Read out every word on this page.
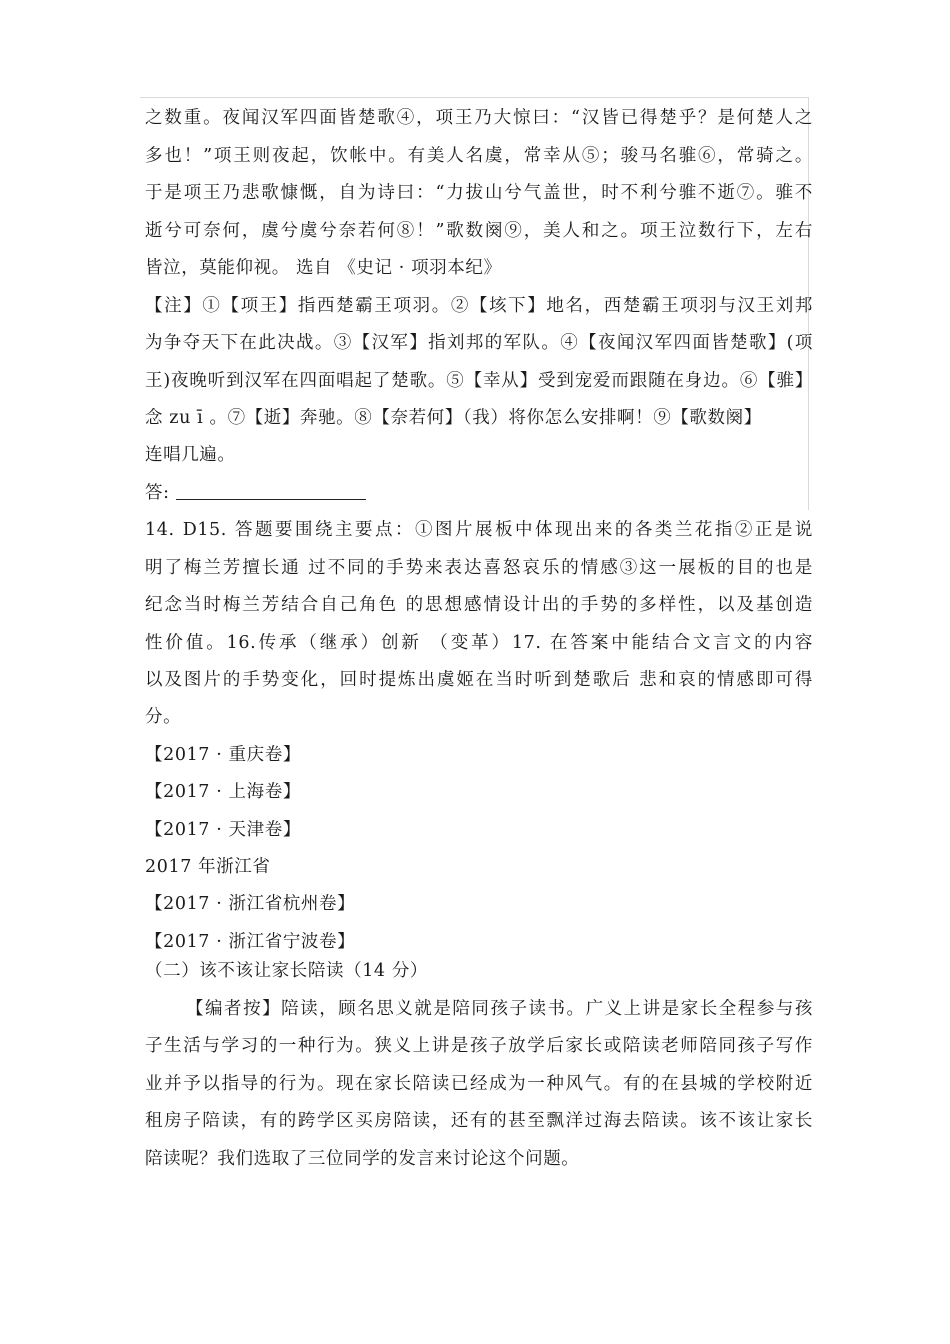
之数重。夜闻汉军四面皆楚歌④，项王乃大惊曰：“汉皆已得楚乎？是何楚人之
多也！”项王则夜起，饮帐中。有美人名虞，常幸从⑤；骏马名骓⑥，常骑之。
于是项王乃悲歌慷慨，自为诗曰：“力拔山兮气盖世，时不利兮骓不逝⑦。骓不
逝兮可奈何，虞兮虞兮奈若何⑧！”歌数阕⑨，美人和之。项王泣数行下，左右
皆泣，莫能仰视。 选自 《史记 · 项羽本纪》
【注】①【项王】指西楚霸王项羽。②【垓下】地名，西楚霸王项羽与汉王刘邦
为争夺天下在此决战。③【汉军】指刘邦的军队。④【夜闻汉军四面皆楚歌】(项
王)夜晚听到汉军在四面唱起了楚歌。⑤【幸从】受到宠爱而跟随在身边。⑥【骓】
念 zu ī 。⑦【逝】奔驰。⑧【奈若何】（我）将你怎么安排啊！⑨【歌数阕】
连唱几遍。
答:
14. D15. 答题要围绕主要点：①图片展板中体现出来的各类兰花指②正是说
明了梅兰芳擅长通 过不同的手势来表达喜怒哀乐的情感③这一展板的目的也是
纪念当时梅兰芳结合自己角色 的思想感情设计出的手势的多样性，以及基创造
性价值。16.传承（继承）创新 （变革）17. 在答案中能结合文言文的内容
以及图片的手势变化，回时提炼出虞姬在当时听到楚歌后 悲和哀的情感即可得
分。
【2017 · 重庆卷】
【2017 · 上海卷】
【2017 · 天津卷】
2017 年浙江省
【2017 · 浙江省杭州卷】
【2017 · 浙江省宁波卷】
（二）该不该让家长陪读（14 分）
【编者按】陪读，顾名思义就是陪同孩子读书。广义上讲是家长全程参与孩
子生活与学习的一种行为。狭义上讲是孩子放学后家长或陪读老师陪同孩子写作
业并予以指导的行为。现在家长陪读已经成为一种风气。有的在县城的学校附近
租房子陪读，有的跨学区买房陪读，还有的甚至飘洋过海去陪读。该不该让家长
陪读呢？我们选取了三位同学的发言来讨论这个问题。
